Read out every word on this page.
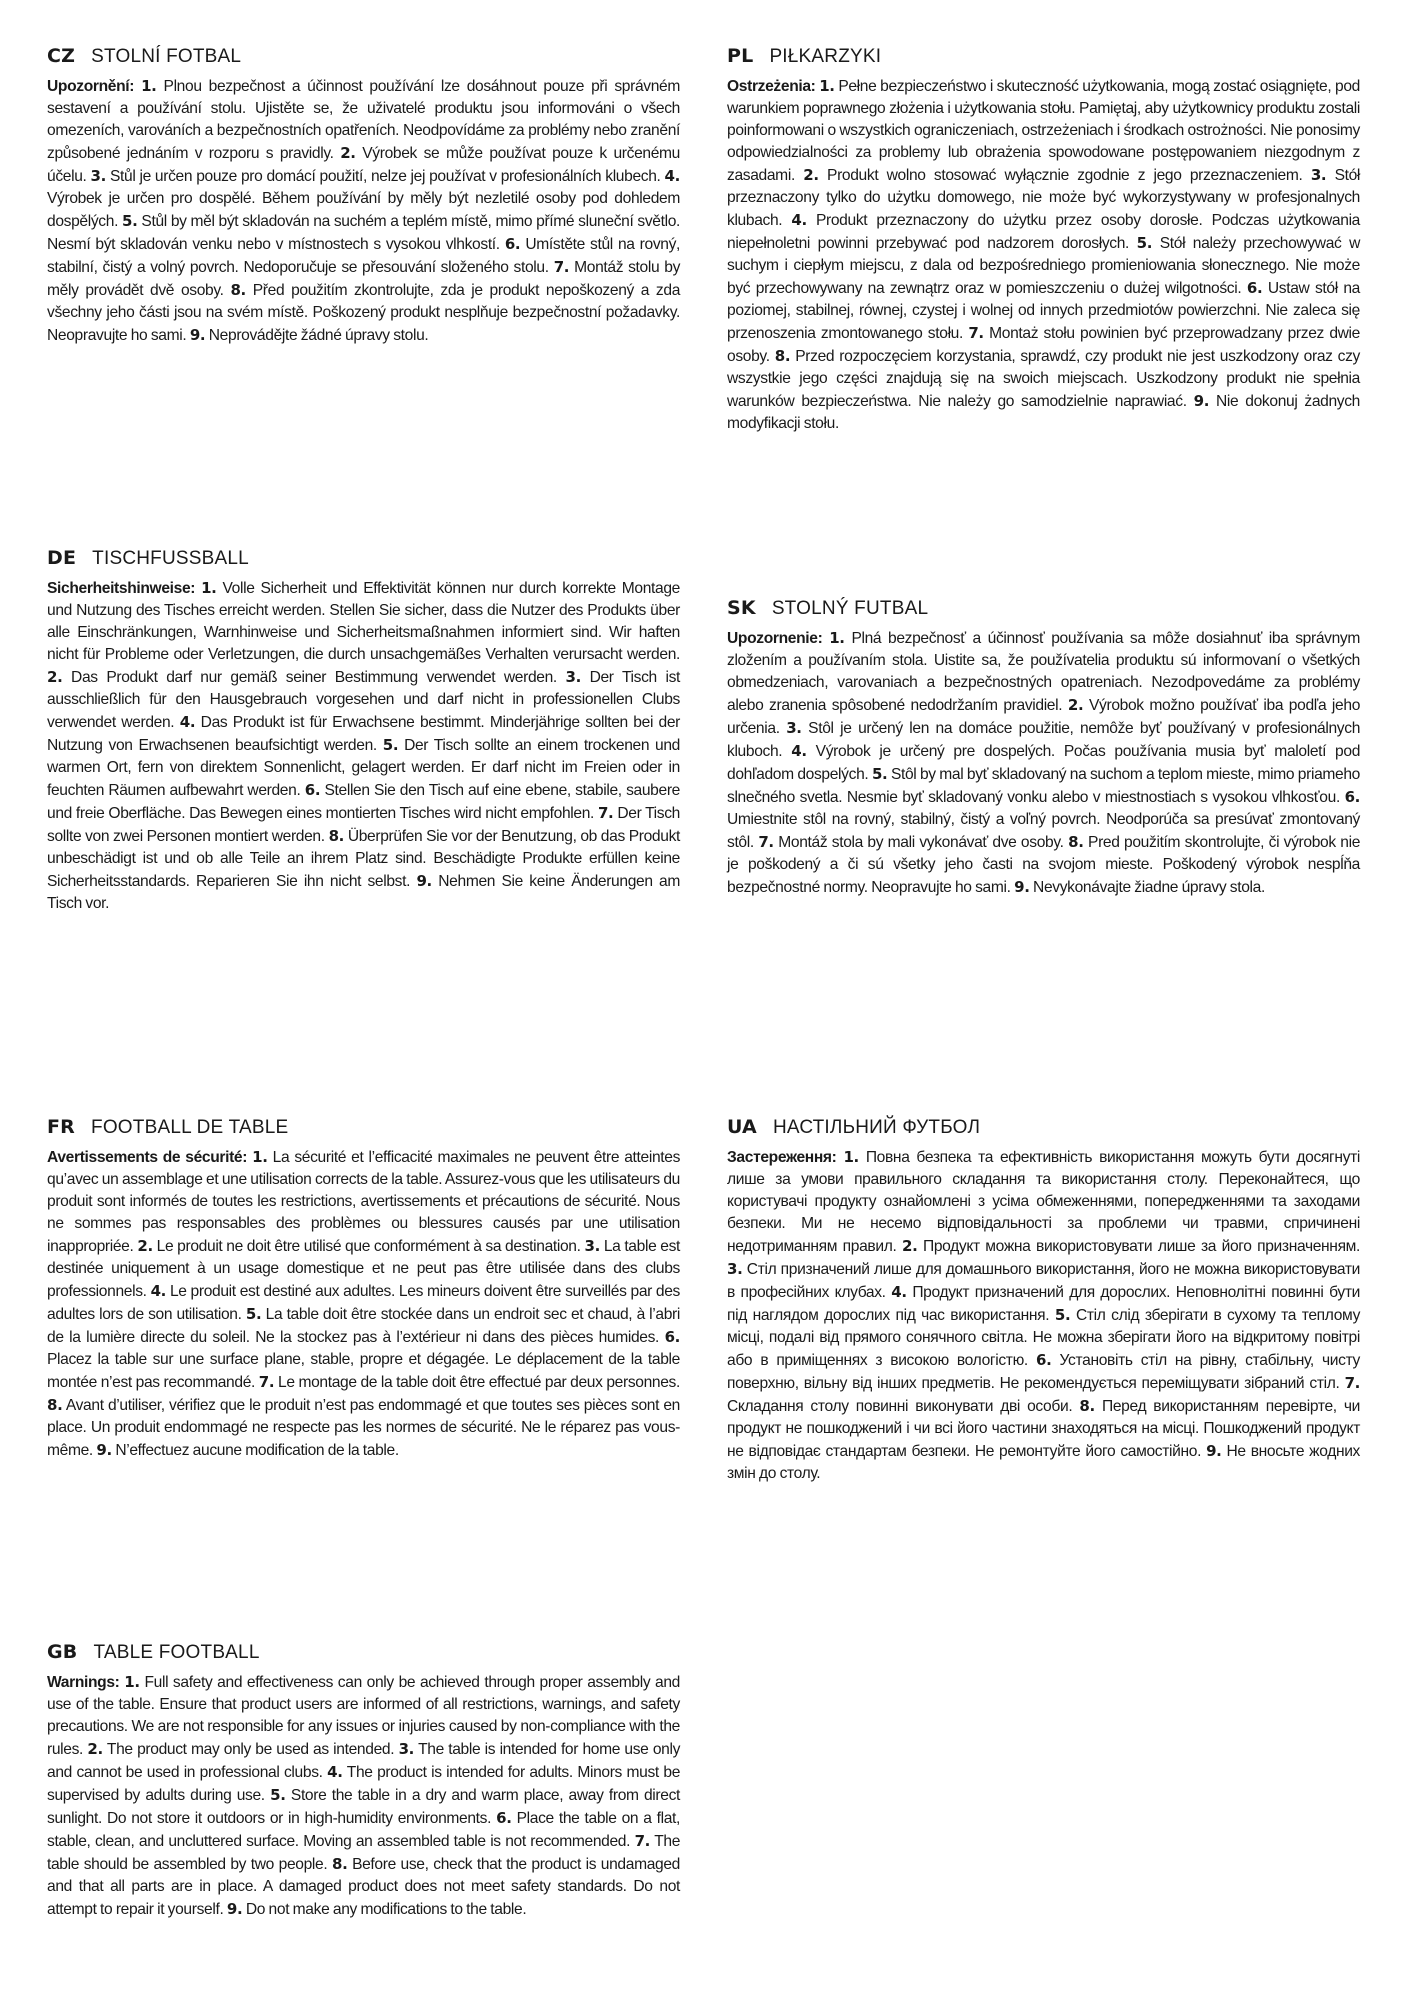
CZ STOLNÍ FOTBAL

Upozornění: 1. Plnou bezpečnost a účinnost používání lze dosáhnout pouze při správném sestavení a používání stolu. Ujistěte se, že uživatelé produktu jsou informováni o všech omezeních, varováních a bezpečnostních opatřeních. Neodpovídáme za problémy nebo zranění způsobené jednáním v rozporu s pravidly. 2. Výrobek se může používat pouze k určenému účelu. 3. Stůl je určen pouze pro domácí použití, nelze jej používat v profesionálních klubech. 4. Výrobek je určen pro dospělé. Během používání by měly být nezletilé osoby pod dohledem dospělých. 5. Stůl by měl být skladován na suchém a teplém místě, mimo přímé sluneční světlo. Nesmí být skladován venku nebo v místnostech s vysokou vlhkostí. 6. Umístěte stůl na rovný, stabilní, čistý a volný povrch. Nedoporučuje se přesouvání složeného stolu. 7. Montáž stolu by měly provádět dvě osoby. 8. Před použitím zkontrolujte, zda je produkt nepoškozený a zda všechny jeho části jsou na svém místě. Poškozený produkt nesplňuje bezpečnostní požadavky. Neopravujte ho sami. 9. Neprovádějte žádné úpravy stolu.

PL PIŁKARZYKI

Ostrzeżenia: 1. Pełne bezpieczeństwo i skuteczność użytkowania, mogą zostać osiągnięte, pod warunkiem poprawnego złożenia i użytkowania stołu. Pamiętaj, aby użytkownicy produktu zostali poinformowani o wszystkich ograniczeniach, ostrzeżeniach i środkach ostrożności. Nie ponosimy odpowiedzialności za problemy lub obrażenia spowodowane postępowaniem niezgodnym z zasadami. 2. Produkt wolno stosować wyłącznie zgodnie z jego przeznaczeniem. 3. Stół przeznaczony tylko do użytku domowego, nie może być wykorzystywany w profesjonalnych klubach. 4. Produkt przeznaczony do użytku przez osoby dorosłe. Podczas użytkowania niepełnoletni powinni przebywać pod nadzorem dorosłych. 5. Stół należy przechowywać w suchym i ciepłym miejscu, z dala od bezpośredniego promieniowania słonecznego. Nie może być przechowywany na zewnątrz oraz w pomieszczeniu o dużej wilgotności. 6. Ustaw stół na poziomej, stabilnej, równej, czystej i wolnej od innych przedmiotów powierzchni. Nie zaleca się przenoszenia zmontowanego stołu. 7. Montaż stołu powinien być przeprowadzany przez dwie osoby. 8. Przed rozpoczęciem korzystania, sprawdź, czy produkt nie jest uszkodzony oraz czy wszystkie jego części znajdują się na swoich miejscach. Uszkodzony produkt nie spełnia warunków bezpieczeństwa. Nie należy go samodzielnie naprawiać. 9. Nie dokonuj żadnych modyfikacji stołu.

DE TISCHFUSSBALL

Sicherheitshinweise: 1. Volle Sicherheit und Effektivität können nur durch korrekte Montage und Nutzung des Tisches erreicht werden. Stellen Sie sicher, dass die Nutzer des Produkts über alle Einschränkungen, Warnhinweise und Sicherheitsmaßnahmen informiert sind. Wir haften nicht für Probleme oder Verletzungen, die durch unsachgemäßes Verhalten verursacht werden. 2. Das Produkt darf nur gemäß seiner Bestimmung verwendet werden. 3. Der Tisch ist ausschließlich für den Hausgebrauch vorgesehen und darf nicht in professionellen Clubs verwendet werden. 4. Das Produkt ist für Erwachsene bestimmt. Minderjährige sollten bei der Nutzung von Erwachsenen beaufsichtigt werden. 5. Der Tisch sollte an einem trockenen und warmen Ort, fern von direktem Sonnenlicht, gelagert werden. Er darf nicht im Freien oder in feuchten Räumen aufbewahrt werden. 6. Stellen Sie den Tisch auf eine ebene, stabile, saubere und freie Oberfläche. Das Bewegen eines montierten Tisches wird nicht empfohlen. 7. Der Tisch sollte von zwei Personen montiert werden. 8. Überprüfen Sie vor der Benutzung, ob das Produkt unbeschädigt ist und ob alle Teile an ihrem Platz sind. Beschädigte Produkte erfüllen keine Sicherheitsstandards. Reparieren Sie ihn nicht selbst. 9. Nehmen Sie keine Änderungen am Tisch vor.

SK STOLNÝ FUTBAL

Upozornenie: 1. Plná bezpečnosť a účinnosť používania sa môže dosiahnuť iba správnym zložením a používaním stola. Uistite sa, že používatelia produktu sú informovaní o všetkých obmedzeniach, varovaniach a bezpečnostných opatreniach. Nezodpovedáme za problémy alebo zranenia spôsobené nedodržaním pravidiel. 2. Výrobok možno používať iba podľa jeho určenia. 3. Stôl je určený len na domáce použitie, nemôže byť používaný v profesionálnych kluboch. 4. Výrobok je určený pre dospelých. Počas používania musia byť maloletí pod dohľadom dospelých. 5. Stôl by mal byť skladovaný na suchom a teplom mieste, mimo priameho slnečného svetla. Nesmie byť skladovaný vonku alebo v miestnostiach s vysokou vlhkosťou. 6. Umiestnite stôl na rovný, stabilný, čistý a voľný povrch. Neodporúča sa presúvať zmontovaný stôl. 7. Montáž stola by mali vykonávať dve osoby. 8. Pred použitím skontrolujte, či výrobok nie je poškodený a či sú všetky jeho časti na svojom mieste. Poškodený výrobok nespĺňa bezpečnostné normy. Neopravujte ho sami. 9. Nevykonávajte žiadne úpravy stola.

FR FOOTBALL DE TABLE

Avertissements de sécurité: 1. La sécurité et l’efficacité maximales ne peuvent être atteintes qu’avec un assemblage et une utilisation corrects de la table. Assurez-vous que les utilisateurs du produit sont informés de toutes les restrictions, avertissements et précautions de sécurité. Nous ne sommes pas responsables des problèmes ou blessures causés par une utilisation inappropriée. 2. Le produit ne doit être utilisé que conformément à sa destination. 3. La table est destinée uniquement à un usage domestique et ne peut pas être utilisée dans des clubs professionnels. 4. Le produit est destiné aux adultes. Les mineurs doivent être surveillés par des adultes lors de son utilisation. 5. La table doit être stockée dans un endroit sec et chaud, à l’abri de la lumière directe du soleil. Ne la stockez pas à l’extérieur ni dans des pièces humides. 6. Placez la table sur une surface plane, stable, propre et dégagée. Le déplacement de la table montée n’est pas recommandé. 7. Le montage de la table doit être effectué par deux personnes. 8. Avant d’utiliser, vérifiez que le produit n’est pas endommagé et que toutes ses pièces sont en place. Un produit endommagé ne respecte pas les normes de sécurité. Ne le réparez pas vous-même. 9. N’effectuez aucune modification de la table.

UA НАСТІЛЬНИЙ ФУТБОЛ

Застереження: 1. Повна безпека та ефективність використання можуть бути досягнуті лише за умови правильного складання та використання столу. Переконайтеся, що користувачі продукту ознайомлені з усіма обмеженнями, попередженнями та заходами безпеки. Ми не несемо відповідальності за проблеми чи травми, спричинені недотриманням правил. 2. Продукт можна використовувати лише за його призначенням. 3. Стіл призначений лише для домашнього використання, його не можна використовувати в професійних клубах. 4. Продукт призначений для дорослих. Неповнолітні повинні бути під наглядом дорослих під час використання. 5. Стіл слід зберігати в сухому та теплому місці, подалі від прямого сонячного світла. Не можна зберігати його на відкритому повітрі або в приміщеннях з високою вологістю. 6. Установіть стіл на рівну, стабільну, чисту поверхню, вільну від інших предметів. Не рекомендується переміщувати зібраний стіл. 7. Складання столу повинні виконувати дві особи. 8. Перед використанням перевірте, чи продукт не пошкоджений і чи всі його частини знаходяться на місці. Пошкоджений продукт не відповідає стандартам безпеки. Не ремонтуйте його самостійно. 9. Не вносьте жодних змін до столу.

GB TABLE FOOTBALL

Warnings: 1. Full safety and effectiveness can only be achieved through proper assembly and use of the table. Ensure that product users are informed of all restrictions, warnings, and safety precautions. We are not responsible for any issues or injuries caused by non-compliance with the rules. 2. The product may only be used as intended. 3. The table is intended for home use only and cannot be used in professional clubs. 4. The product is intended for adults. Minors must be supervised by adults during use. 5. Store the table in a dry and warm place, away from direct sunlight. Do not store it outdoors or in high-humidity environments. 6. Place the table on a flat, stable, clean, and uncluttered surface. Moving an assembled table is not recommended. 7. The table should be assembled by two people. 8. Before use, check that the product is undamaged and that all parts are in place. A damaged product does not meet safety standards. Do not attempt to repair it yourself. 9. Do not make any modifications to the table.
